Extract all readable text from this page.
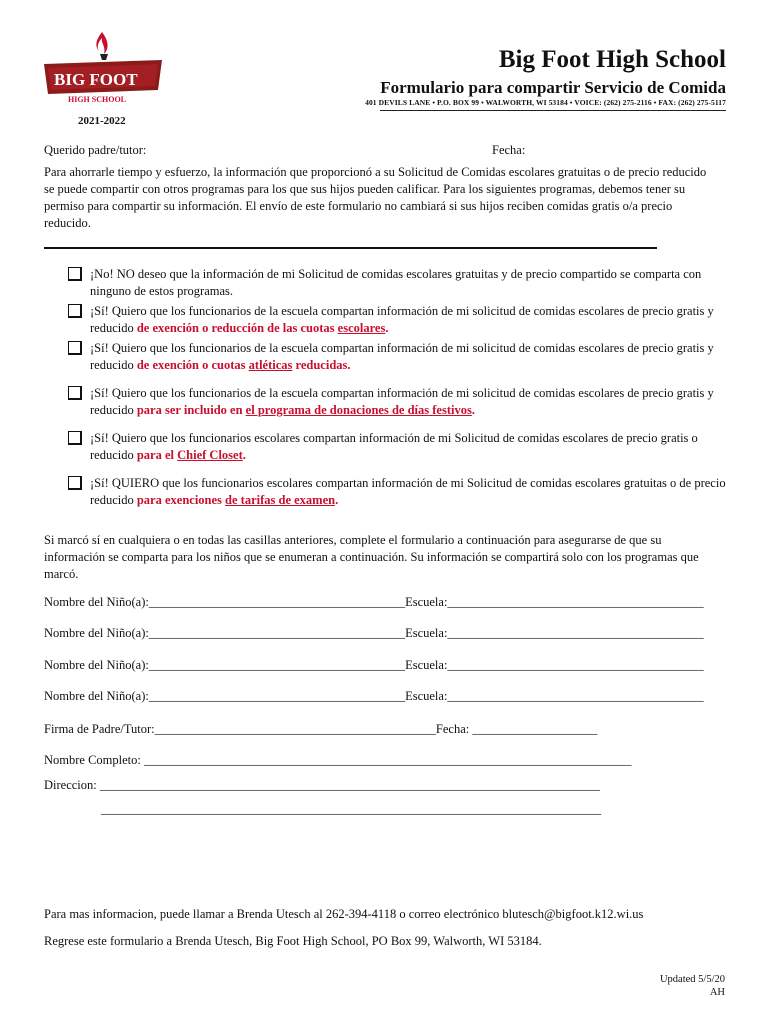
BIG FOOT
HIGH SCHOOL
2021-2022
Big Foot High School
Formulario para compartir Servicio de Comida
401 DEVILS LANE • P.O. BOX 99 • WALWORTH, WI 53184 • VOICE: (262) 275-2116 • FAX: (262) 275-5117
Querido padre/tutor:	Fecha:
Para ahorrarle tiempo y esfuerzo, la información que proporcionó a su Solicitud de Comidas escolares gratuitas o de precio reducido se puede compartir con otros programas para los que sus hijos pueden calificar. Para los siguientes programas, debemos tener su permiso para compartir su información. El envío de este formulario no cambiará si sus hijos reciben comidas gratis o/a precio reducido.
¡No! NO deseo que la información de mi Solicitud de comidas escolares gratuitas y de precio compartido se comparta con ninguno de estos programas.
¡Sí! Quiero que los funcionarios de la escuela compartan información de mi solicitud de comidas escolares de precio gratis y reducido de exención o reducción de las cuotas escolares.
¡Sí! Quiero que los funcionarios de la escuela compartan información de mi solicitud de comidas escolares de precio gratis y reducido de exención o cuotas atléticas reducidas.
¡Sí! Quiero que los funcionarios de la escuela compartan información de mi solicitud de comidas escolares de precio gratis y reducido para ser incluido en el programa de donaciones de días festivos.
¡Sí! Quiero que los funcionarios escolares compartan información de mi Solicitud de comidas escolares de precio gratis o reducido para el Chief Closet.
¡Sí! QUIERO que los funcionarios escolares compartan información de mi Solicitud de comidas escolares gratuitas o de precio reducido para exenciones de tarifas de examen.
Si marcó sí en cualquiera o en todas las casillas anteriores, complete el formulario a continuación para asegurarse de que su información se comparta para los niños que se enumeran a continuación. Su información se compartirá solo con los programas que marcó.
Nombre del Niño(a):_________________________________________Escuela:_________________________________________
Nombre del Niño(a):_________________________________________Escuela:_________________________________________
Nombre del Niño(a):_________________________________________Escuela:_________________________________________
Nombre del Niño(a):_________________________________________Escuela:_________________________________________
Firma de Padre/Tutor:_____________________________________________Fecha: ____________________
Nombre Completo: ______________________________________________________________________________
Direccion: ________________________________________________________________________________
________________________________________________________________________________
Para mas informacion, puede llamar a Brenda Utesch al 262-394-4118 o correo electrónico blutesch@bigfoot.k12.wi.us
Regrese este formulario a Brenda Utesch, Big Foot High School, PO Box 99, Walworth, WI 53184.
Updated 5/5/20
AH
